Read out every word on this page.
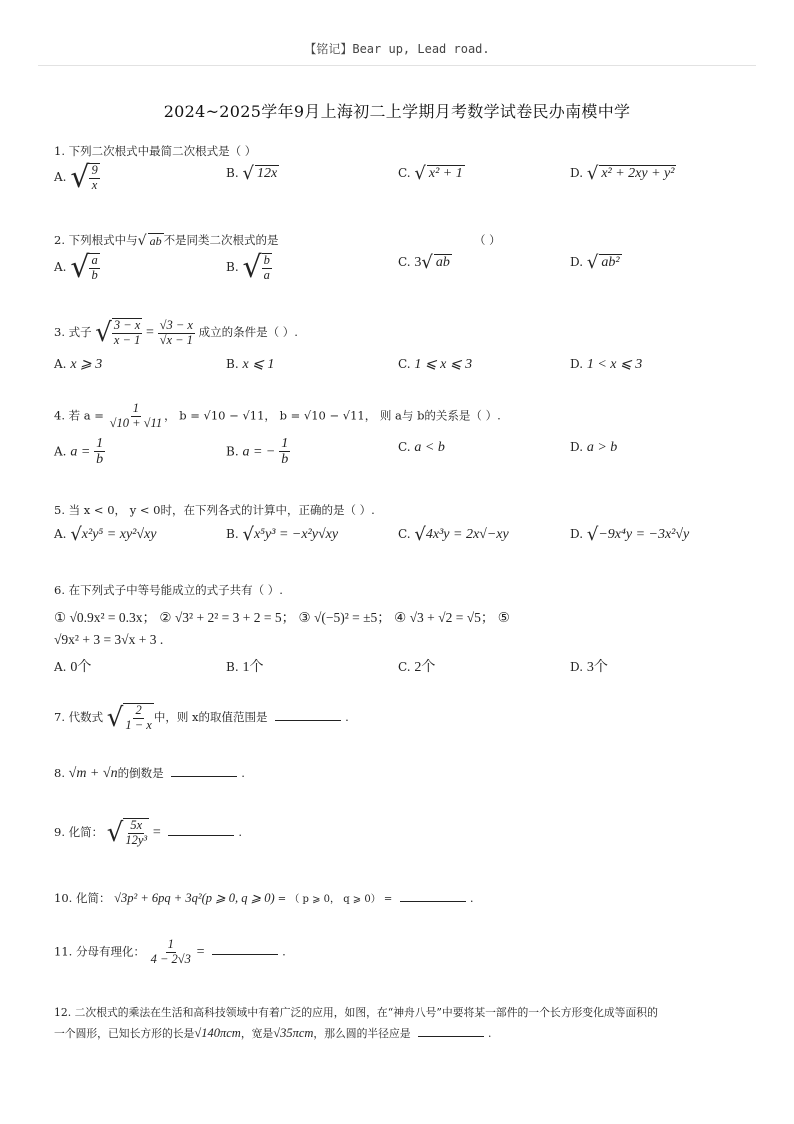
【铭记】Bear up, Lead road.
2024~2025学年9月上海初二上学期月考数学试卷民办南模中学
1. 下列二次根式中最简二次根式是（ ）
A. √ $\frac{9}{x}$	B. √ 12x	C. √ x² + 1	D. √ x² + 2xy + y²
2. 下列根式中与√ ab 不是同类二次根式的是	（ ）
A. √ $\frac{a}{b}$	B. √ $\frac{b}{a}$	C. 3√ ab	D. √ ab²
3. 式子 √ $\frac{3 - x}{x - 1} = \frac{√3 - x}{√x - 1}$ 成立的条件是（ ）.
A. x ⩾ 3	B. x ⩽ 1	C. 1 ⩽ x ⩽ 3	D. 1 < x ⩽ 3
4. 若 $a = \frac{1}{√10 + √11}$ ， b = √10 − √11， b = √10 − √11， 则 a与 b的关系是（ ）.
A. $a = \frac{1}{b}$	B. a = − $\frac{1}{b}$	C. a < b	D. a > b
5. 当 x < 0， y < 0时，在下列各式的计算中，正确的是（ ）.
A. √x²y⁵ = xy²√xy	B. √x⁵y³ = −x²y√xy	C. √4x³y = 2x√−xy	D. √−9x⁴y = −3x²√y
6. 在下列式子中等号能成立的式子共有（ ）.
① √0.9x² = 0.3x； ② √3² + 2² = 3 + 2 = 5； ③ √(−5)² = ±5； ④ √3 + √2 = √5； ⑤
√9x² + 3 = 3√x + 3 .
A. 0个	B. 1个	C. 2个	D. 3个
7. 代数式 √ $\frac{2}{1 - x}$ 中，则 x的取值范围是	.
8. √m + √n的倒数是	.
9. 化简： √ $\frac{5x}{\text{12y³}}$ =	.
10. 化简： √3p² + 6pq + 3q²(p ⩾ 0, q ⩾ 0) = （ p ⩾ 0， q ⩾ 0） =	.
11. 分母有理化： $\frac{1}{4 - 2√3}$ =	.
12. 二次根式的乘法在生活和高科技领域中有着广泛的应用，如图，在“神舟八号”中要将某一部件的一个长方形变化成等面积的
一个圆形，已知长方形的长是√140πcm，宽是√35πcm，那么圆的半径应是	.
